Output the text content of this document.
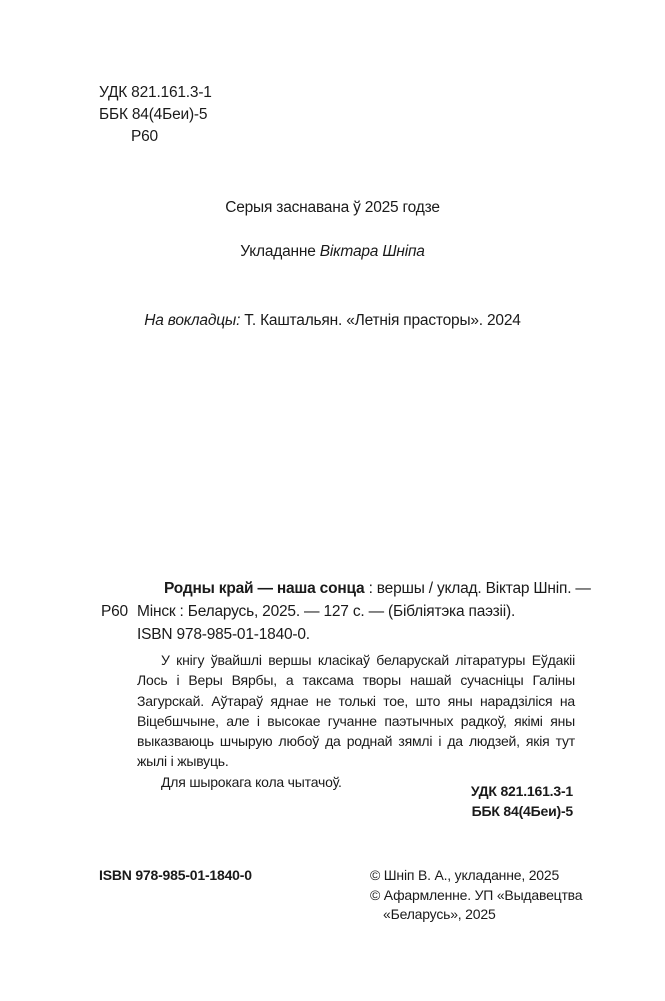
УДК 821.161.3-1
ББК 84(4Беи)-5
Р60
Серыя заснавана ў 2025 годзе
Укладанне Віктара Шніпа
На вокладцы: Т. Каштальян. «Летнія прасторы». 2024
Родны край — наша сонца : вершы / уклад. Віктар Шніп. —
Р60 Мінск : Беларусь, 2025. — 127 с. — (Бібліятэка паэзіі).
ISBN 978-985-01-1840-0.

У кнігу ўвайшлі вершы класікаў беларускай літаратуры Еўдакіі Лось і Веры Вярбы, а таксама творы нашай сучасніцы Галіны Загурскай. Аўтараў яднае не толькі тое, што яны нарадзіліся на Віцебшчыне, але і высокае гучанне паэтычных радкоў, якімі яны выказваюць шчырую любоў да роднай зямлі і да людзей, якія тут жылі і жывуць.

Для шырокага кола чытачоў.

УДК 821.161.3-1
ББК 84(4Беи)-5
ISBN 978-985-01-1840-0	© Шніп В. А., укладанне, 2025
© Афармленне. УП «Выдавецтва
«Беларусь», 2025
